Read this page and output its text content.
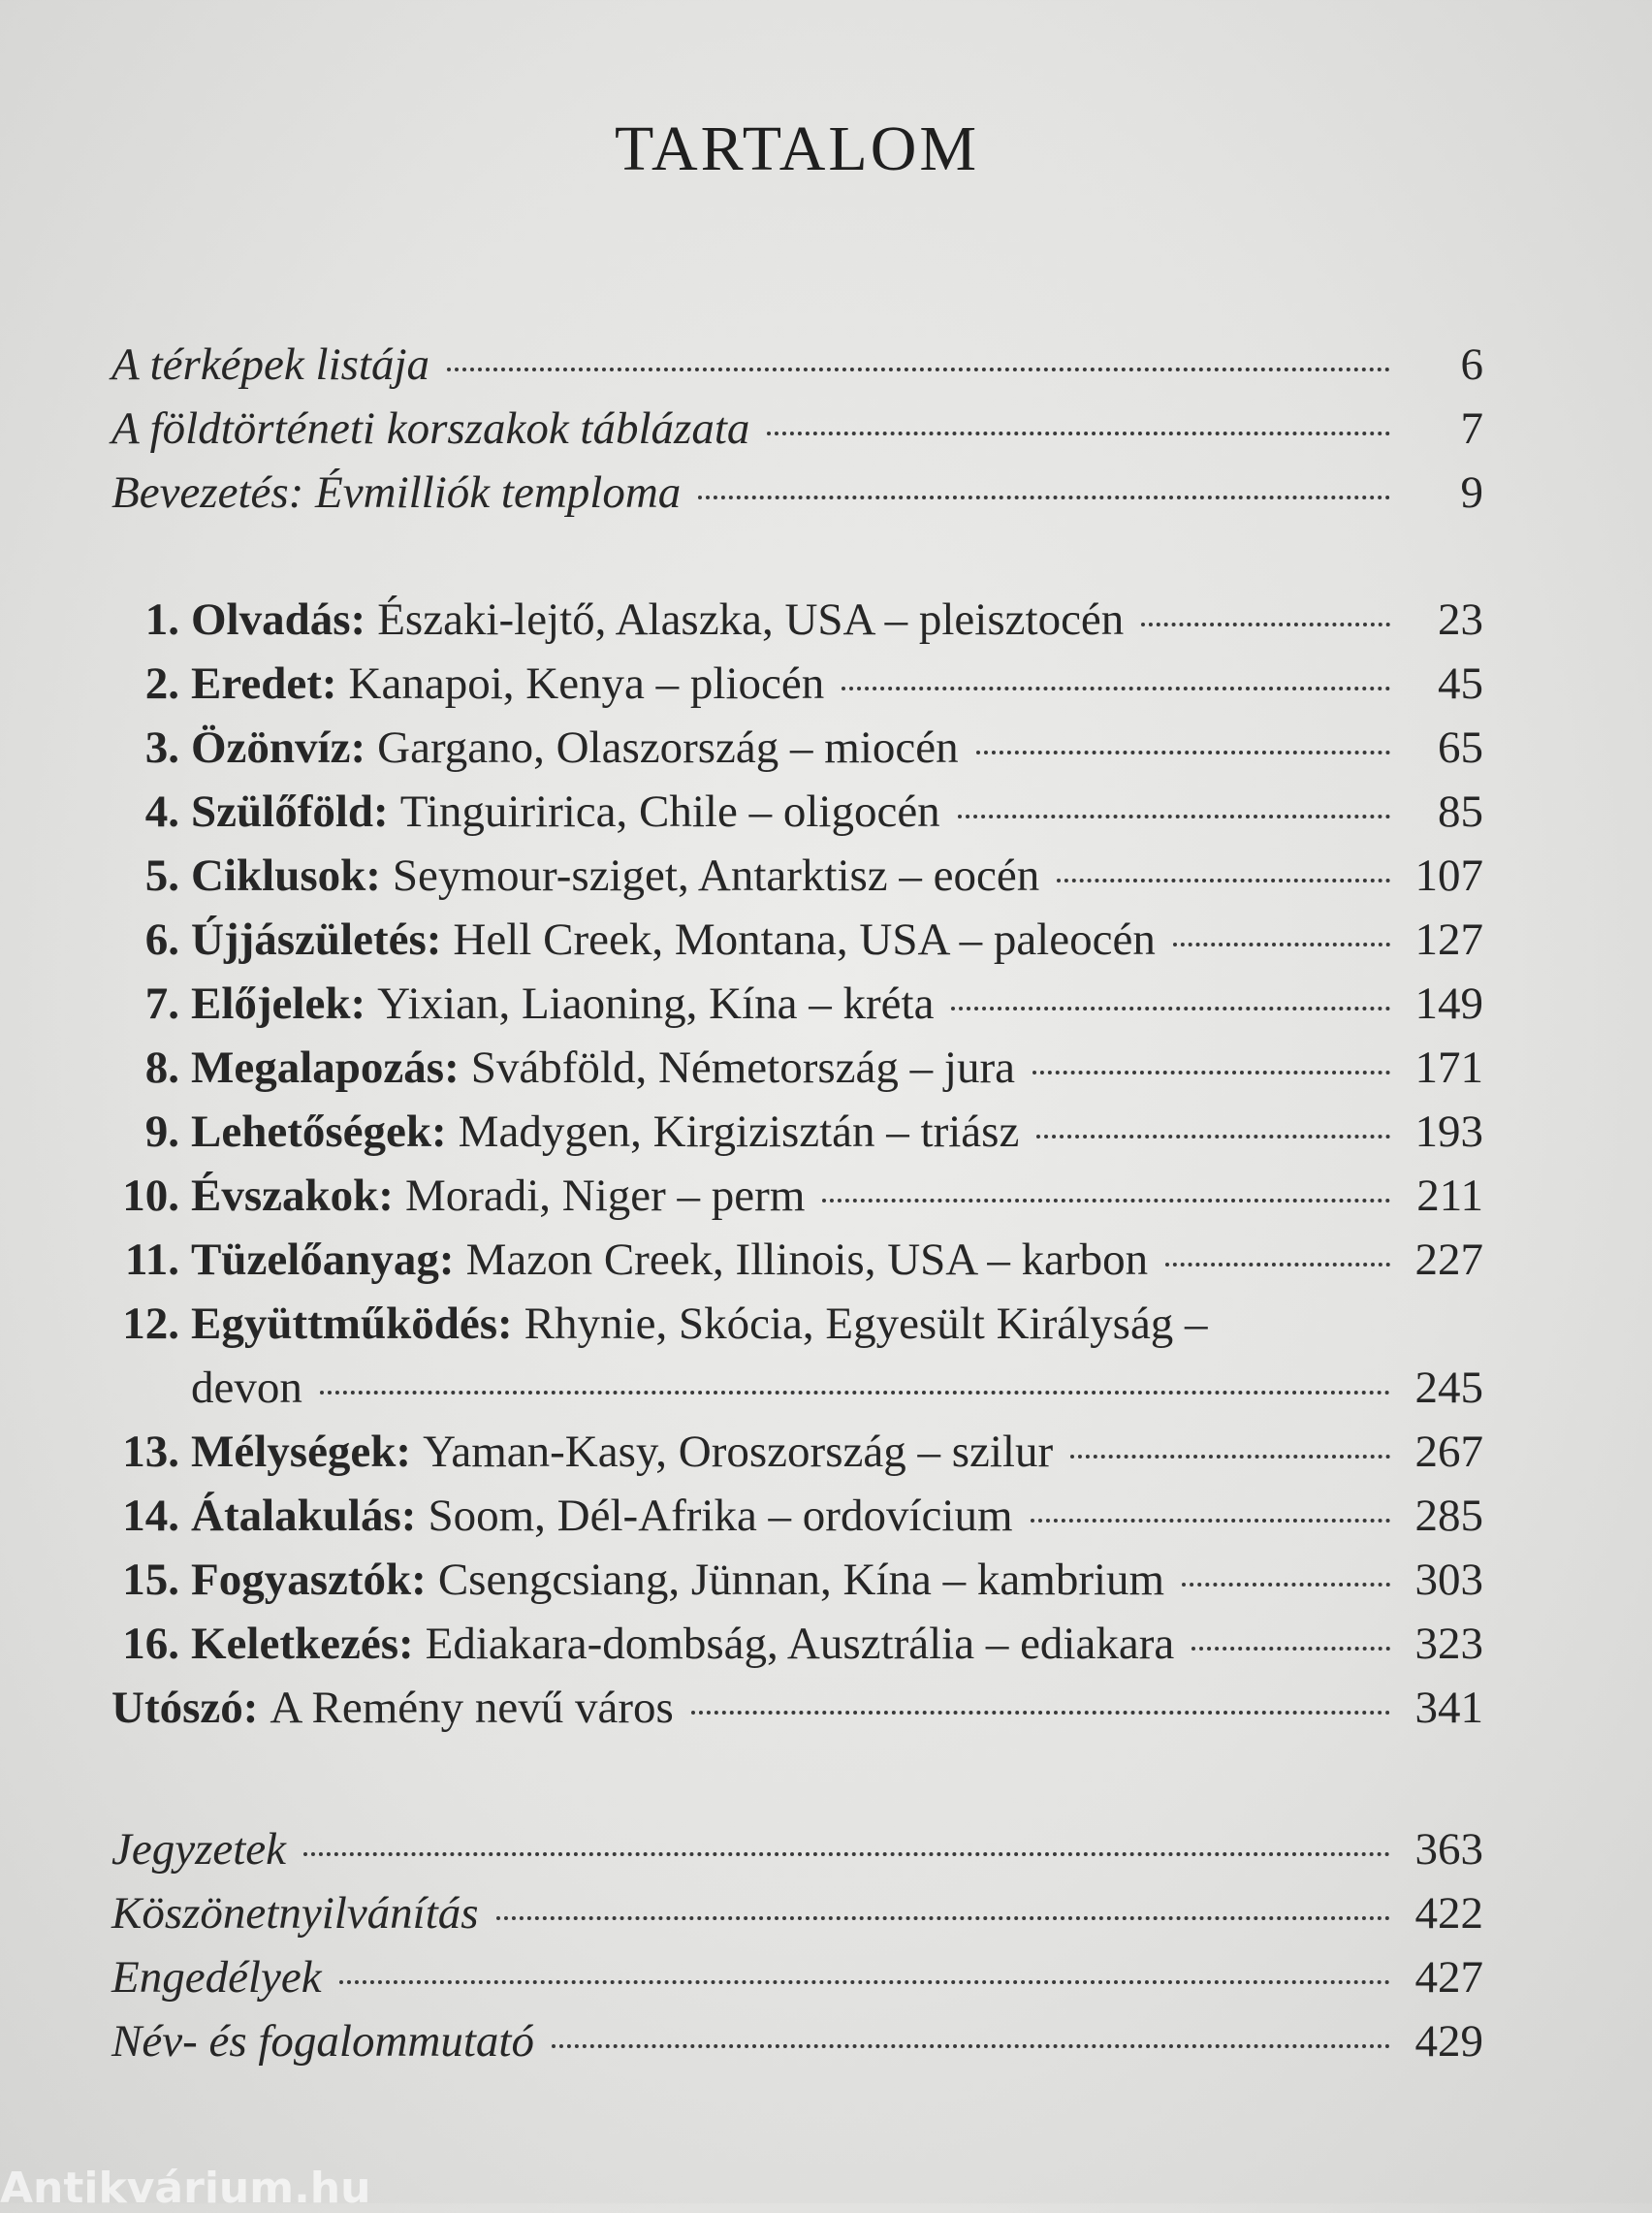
TARTALOM
A térképek listája	6
A földtörténeti korszakok táblázata	7
Bevezetés: Évmilliók temploma	9
1. Olvadás: Északi-lejtő, Alaszka, USA – pleisztocén	23
2. Eredet: Kanapoi, Kenya – pliocén	45
3. Özönvíz: Gargano, Olaszország – miocén	65
4. Szülőföld: Tinguiririca, Chile – oligocén	85
5. Ciklusok: Seymour-sziget, Antarktisz – eocén	107
6. Újjászületés: Hell Creek, Montana, USA – paleocén	127
7. Előjelek: Yixian, Liaoning, Kína – kréta	149
8. Megalapozás: Svábföld, Németország – jura	171
9. Lehetőségek: Madygen, Kirgizisztán – triász	193
10. Évszakok: Moradi, Niger – perm	211
11. Tüzelőanyag: Mazon Creek, Illinois, USA – karbon	227
12. Együttműködés: Rhynie, Skócia, Egyesült Királyság –
devon	245
13. Mélységek: Yaman-Kasy, Oroszország – szilur	267
14. Átalakulás: Soom, Dél-Afrika – ordovícium	285
15. Fogyasztók: Csengcsiang, Jünnan, Kína – kambrium	303
16. Keletkezés: Ediakara-dombság, Ausztrália – ediakara	323
Utószó: A Remény nevű város	341
Jegyzetek	363
Köszönetnyilvánítás	422
Engedélyek	427
Név- és fogalommutató	429
Antikvárium.hu
